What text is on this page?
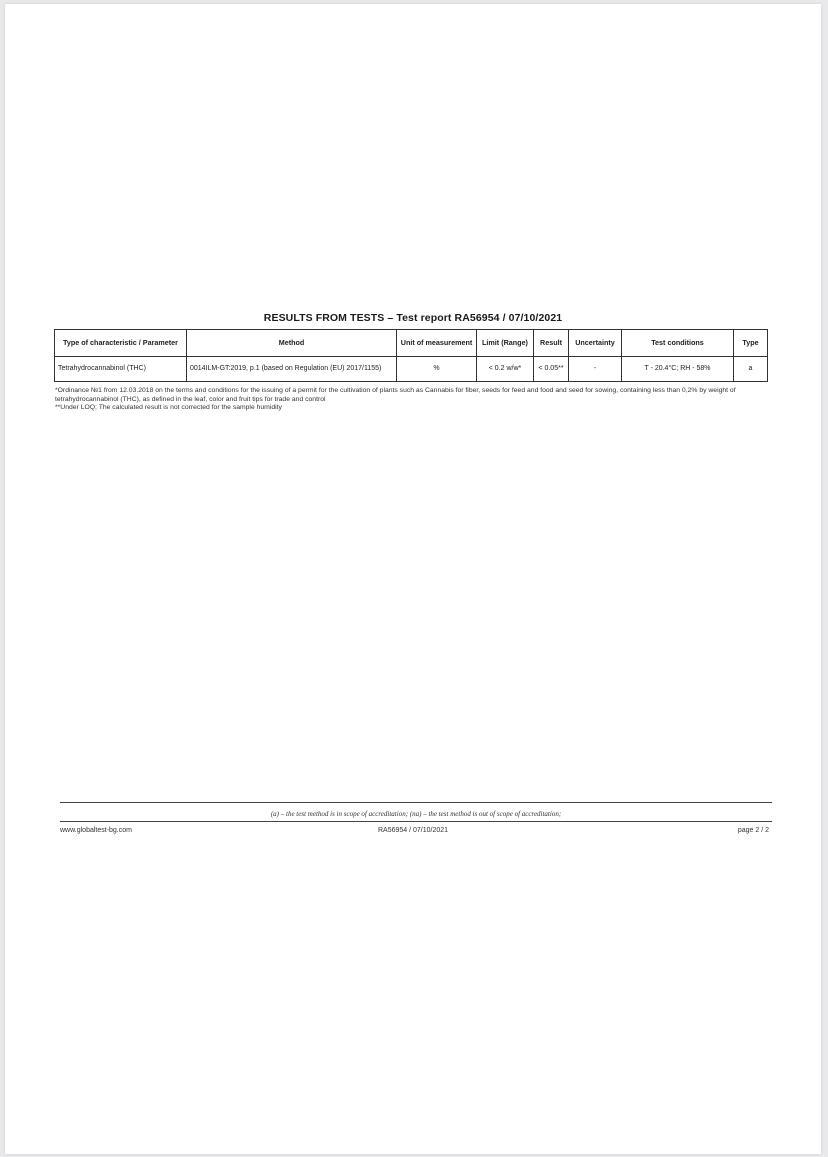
RESULTS FROM TESTS – Test report RA56954 / 07/10/2021
Type of characteristic / Parameter	Method	Unit of measurement	Limit (Range)	Result	Uncertainty	Test conditions	Type
Tetrahydrocannabinol (THC)	0014ILM-GT:2019, p.1 (based on Regulation (EU) 2017/1155)	%	< 0.2 w/w*	< 0.05**	-	T - 20.4°C; RH - 58%	a

*Ordinance №1 from 12.03.2018 on the terms and conditions for the issuing of a permit for the cultivation of plants such as Cannabis for fiber, seeds for feed and food and seed for sowing, containing less than 0,2% by weight of tetrahydrocannabinol (THC), as defined in the leaf, color and fruit tips for trade and control

**Under LOQ; The calculated result is not corrected for the sample humidity

(a) – the test method is in scope of accreditation; (na) – the test method is out of scope of accreditation;
www.globaltest-bg.com	RA56954 / 07/10/2021	page 2 / 2
